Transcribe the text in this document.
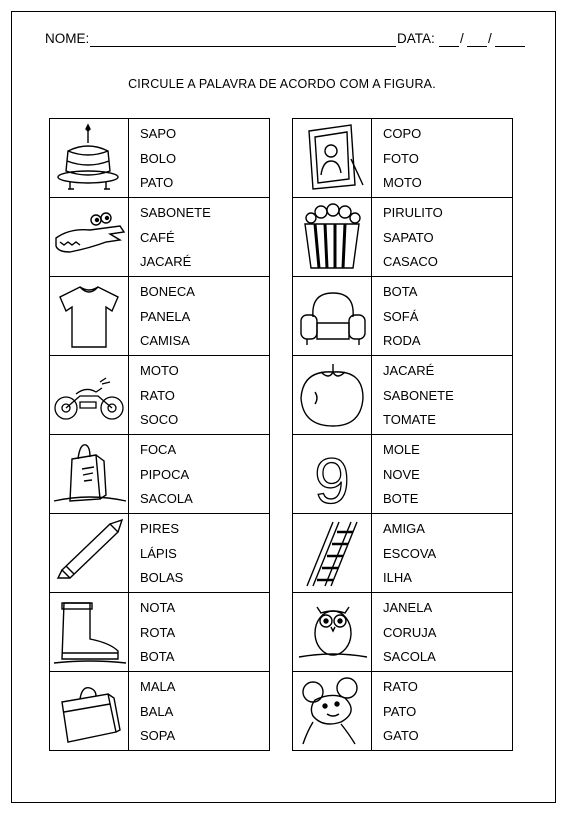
NOME:	DATA: / /
CIRCULE A PALAVRA DE ACORDO COM A FIGURA.

SAPO
BOLO
PATO

SABONETE
CAFÉ
JACARÉ

BONECA
PANELA
CAMISA

MOTO
RATO
SOCO

FOCA
PIPOCA
SACOLA

PIRES
LÁPIS
BOLAS

NOTA
ROTA
BOTA

MALA
BALA
SOPA

COPO
FOTO
MOTO

PIRULITO
SAPATO
CASACO

BOTA
SOFÁ
RODA

JACARÉ
SABONETE
TOMATE

9	MOLE
NOVE
BOTE

AMIGA
ESCOVA
ILHA

JANELA
CORUJA
SACOLA

RATO
PATO
GATO
